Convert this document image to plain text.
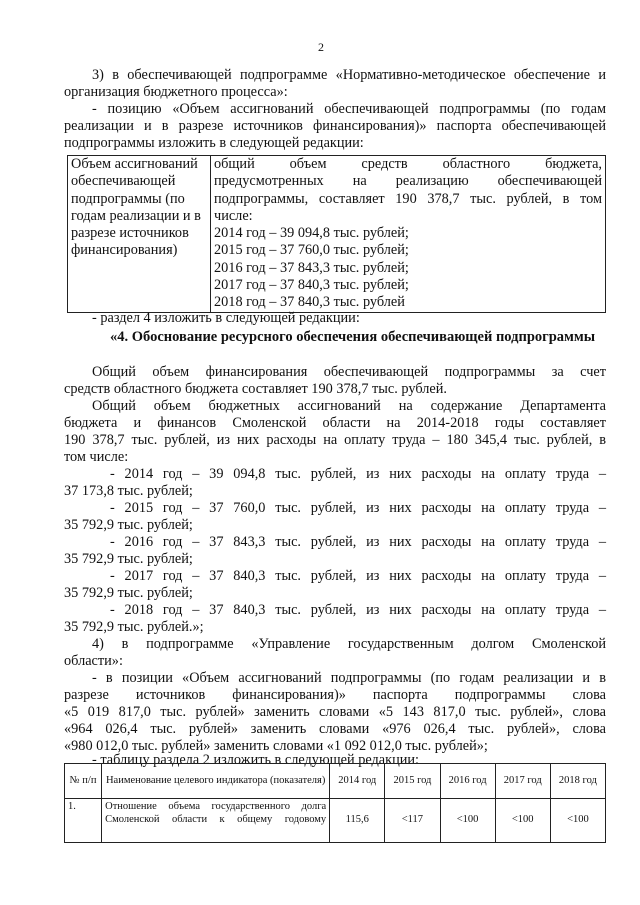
2
3) в обеспечивающей подпрограмме «Нормативно-методическое обеспечение и
организация бюджетного процесса»:
- позицию «Объем ассигнований обеспечивающей подпрограммы (по годам
реализации и в разрезе источников финансирования)» паспорта обеспечивающей
подпрограммы изложить в следующей редакции:
Объем ассигнований
обеспечивающей
подпрограммы (по
годам реализации и в
разрезе источников
финансирования)

общий объем средств областного бюджета,
предусмотренных на реализацию обеспечивающей
подпрограммы, составляет 190 378,7 тыс. рублей, в том
числе:
2014 год – 39 094,8 тыс. рублей;
2015 год – 37 760,0 тыс. рублей;
2016 год – 37 843,3 тыс. рублей;
2017 год – 37 840,3 тыс. рублей;
2018 год – 37 840,3 тыс. рублей
- раздел 4 изложить в следующей редакции:
«4. Обоснование ресурсного обеспечения обеспечивающей подпрограммы
Общий объем финансирования обеспечивающей подпрограммы за счет
средств областного бюджета составляет 190 378,7 тыс. рублей.
Общий объем бюджетных ассигнований на содержание Департамента
бюджета и финансов Смоленской области на 2014-2018 годы составляет
190 378,7 тыс. рублей, из них расходы на оплату труда – 180 345,4 тыс. рублей, в
том числе:
- 2014 год – 39 094,8 тыс. рублей, из них расходы на оплату труда –
37 173,8 тыс. рублей;
- 2015 год – 37 760,0 тыс. рублей, из них расходы на оплату труда –
35 792,9 тыс. рублей;
- 2016 год – 37 843,3 тыс. рублей, из них расходы на оплату труда –
35 792,9 тыс. рублей;
- 2017 год – 37 840,3 тыс. рублей, из них расходы на оплату труда –
35 792,9 тыс. рублей;
- 2018 год – 37 840,3 тыс. рублей, из них расходы на оплату труда –
35 792,9 тыс. рублей.»;
4) в подпрограмме «Управление государственным долгом Смоленской
области»:
- в позиции «Объем ассигнований подпрограммы (по годам реализации и в
разрезе источников финансирования)» паспорта подпрограммы слова
«5 019 817,0 тыс. рублей» заменить словами «5 143 817,0 тыс. рублей», слова
«964 026,4 тыс. рублей» заменить словами «976 026,4 тыс. рублей», слова
«980 012,0 тыс. рублей» заменить словами «1 092 012,0 тыс. рублей»;
- таблицу раздела 2 изложить в следующей редакции:
№ п/п	Наименование целевого индикатора (показателя)	2014 год	2015 год	2016 год	2017 год	2018 год
1.	Отношение объема государственного долга
Смоленской области к общему годовому	115,6	<117	<100	<100	<100
